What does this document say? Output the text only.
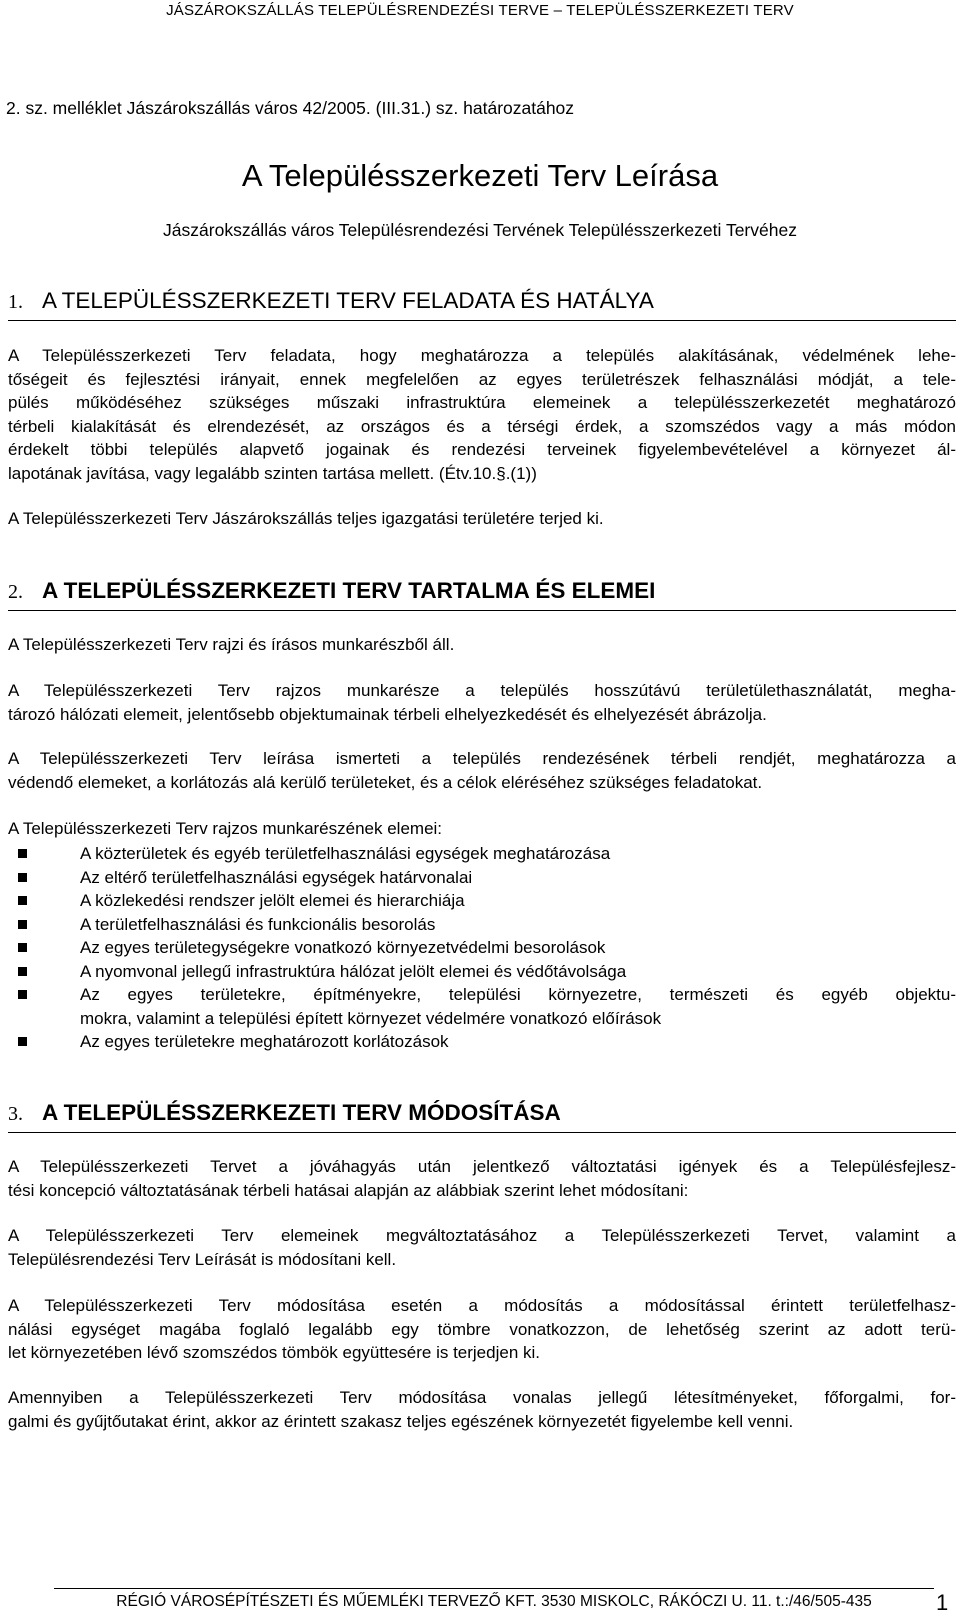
JÁSZÁROKSZÁLLÁS TELEPÜLÉSRENDEZÉSI TERVE – TELEPÜLÉSSZERKEZETI TERV
2. sz. melléklet Jászárokszállás város 42/2005. (III.31.) sz. határozatához
A Településszerkezeti Terv Leírása
Jászárokszállás város Településrendezési Tervének Településszerkezeti Tervéhez
1. A TELEPÜLÉSSZERKEZETI TERV FELADATA ÉS HATÁLYA
A Településszerkezeti Terv feladata, hogy meghatározza a település alakításának, védelmének lehe-
tőségeit és fejlesztési irányait, ennek megfelelően az egyes területrészek felhasználási módját, a tele-
pülés működéséhez szükséges műszaki infrastruktúra elemeinek a településszerkezetét meghatározó
térbeli kialakítását és elrendezését, az országos és a térségi érdek, a szomszédos vagy a más módon
érdekelt többi település alapvető jogainak és rendezési terveinek figyelembevételével a környezet ál-
lapotának javítása, vagy legalább szinten tartása mellett. (Étv.10.§.(1))
A Településszerkezeti Terv Jászárokszállás teljes igazgatási területére terjed ki.
2. A TELEPÜLÉSSZERKEZETI TERV TARTALMA ÉS ELEMEI
A Településszerkezeti Terv rajzi és írásos munkarészből áll.
A Településszerkezeti Terv rajzos munkarésze a település hosszútávú területülethasználatát, megha-
tározó hálózati elemeit, jelentősebb objektumainak térbeli elhelyezkedését és elhelyezését ábrázolja.
A Településszerkezeti Terv leírása ismerteti a település rendezésének térbeli rendjét, meghatározza a
védendő elemeket, a korlátozás alá kerülő területeket, és a célok eléréséhez szükséges feladatokat.
A Településszerkezeti Terv rajzos munkarészének elemei:
A közterületek és egyéb területfelhasználási egységek meghatározása
Az eltérő területfelhasználási egységek határvonalai
A közlekedési rendszer jelölt elemei és hierarchiája
A területfelhasználási és funkcionális besorolás
Az egyes területegységekre vonatkozó környezetvédelmi besorolások
A nyomvonal jellegű infrastruktúra hálózat jelölt elemei és védőtávolsága
Az egyes területekre, építményekre, települési környezetre, természeti és egyéb objektu-
mokra, valamint a települési épített környezet védelmére vonatkozó előírások
Az egyes területekre meghatározott korlátozások
3. A TELEPÜLÉSSZERKEZETI TERV MÓDOSÍTÁSA
A Településszerkezeti Tervet a jóváhagyás után jelentkező változtatási igények és a Településfejlesz-
tési koncepció változtatásának térbeli hatásai alapján az alábbiak szerint lehet módosítani:
A Településszerkezeti Terv elemeinek megváltoztatásához a Településszerkezeti Tervet, valamint a
Településrendezési Terv Leírását is módosítani kell.
A Településszerkezeti Terv módosítása esetén a módosítás a módosítással érintett területfelhasz-
nálási egységet magába foglaló legalább egy tömbre vonatkozzon, de lehetőség szerint az adott terü-
let környezetében lévő szomszédos tömbök együttesére is terjedjen ki.
Amennyiben a Településszerkezeti Terv módosítása vonalas jellegű létesítményeket, főforgalmi, for-
galmi és gyűjtőutakat érint, akkor az érintett szakasz teljes egészének környezetét figyelembe kell venni.
RÉGIÓ VÁROSÉPÍTÉSZETI ÉS MŰEMLÉKI TERVEZŐ KFT. 3530 MISKOLC, RÁKÓCZI U. 11. t.:/46/505-435	1
